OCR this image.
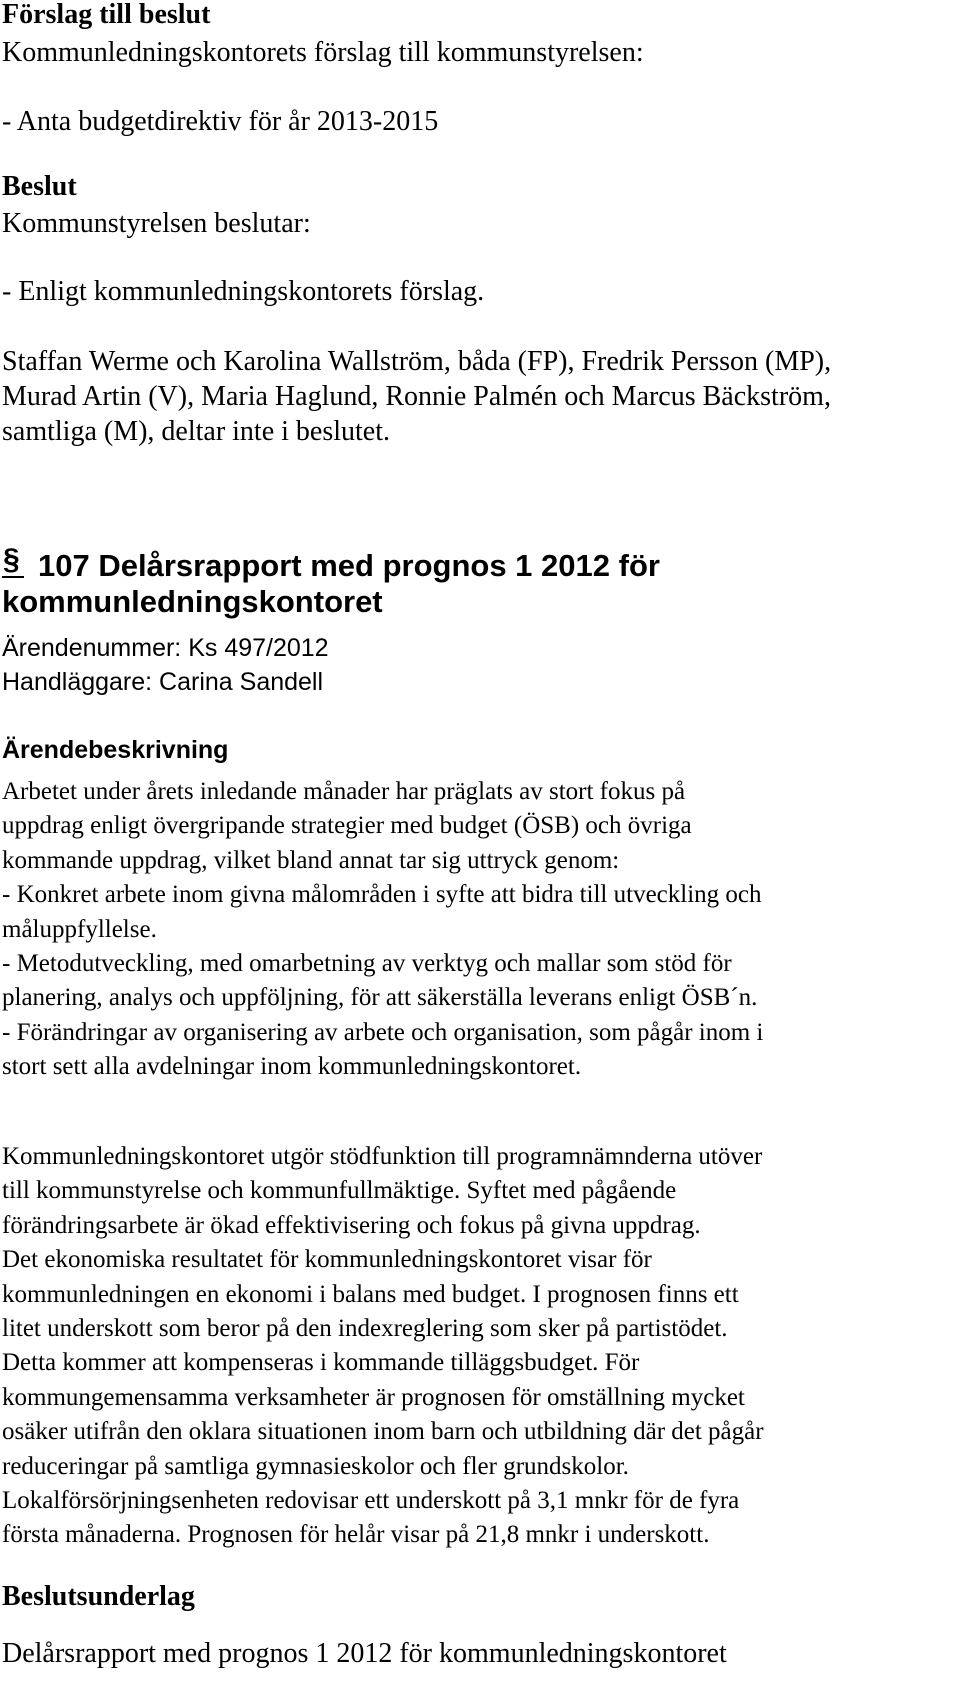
Förslag till beslut
Kommunledningskontorets förslag till kommunstyrelsen:
- Anta budgetdirektiv för år 2013-2015
Beslut
Kommunstyrelsen beslutar:
- Enligt kommunledningskontorets förslag.
Staffan Werme och Karolina Wallström, båda (FP), Fredrik Persson (MP),
Murad Artin (V), Maria Haglund, Ronnie Palmén och Marcus Bäckström,
samtliga (M), deltar inte i beslutet.
§107 Delårsrapport med prognos 1 2012 för
kommunledningskontoret
Ärendenummer: Ks 497/2012
Handläggare: Carina Sandell
Ärendebeskrivning

Arbetet under årets inledande månader har präglats av stort fokus på

uppdrag enligt övergripande strategier med budget (ÖSB) och övriga

kommande uppdrag, vilket bland annat tar sig uttryck genom:

- Konkret arbete inom givna målområden i syfte att bidra till utveckling och

måluppfyllelse.

- Metodutveckling, med omarbetning av verktyg och mallar som stöd för

planering, analys och uppföljning, för att säkerställa leverans enligt ÖSB´n.

- Förändringar av organisering av arbete och organisation, som pågår inom i

stort sett alla avdelningar inom kommunledningskontoret.

Kommunledningskontoret utgör stödfunktion till programnämnderna utöver

till kommunstyrelse och kommunfullmäktige. Syftet med pågående

förändringsarbete är ökad effektivisering och fokus på givna uppdrag.

Det ekonomiska resultatet för kommunledningskontoret visar för

kommunledningen en ekonomi i balans med budget. I prognosen finns ett

litet underskott som beror på den indexreglering som sker på partistödet.

Detta kommer att kompenseras i kommande tilläggsbudget. För

kommungemensamma verksamheter är prognosen för omställning mycket

osäker utifrån den oklara situationen inom barn och utbildning där det pågår

reduceringar på samtliga gymnasieskolor och fler grundskolor.

Lokalförsörjningsenheten redovisar ett underskott på 3,1 mnkr för de fyra

första månaderna. Prognosen för helår visar på 21,8 mnkr i underskott.

Beslutsunderlag
Delårsrapport med prognos 1 2012 för kommunledningskontoret
